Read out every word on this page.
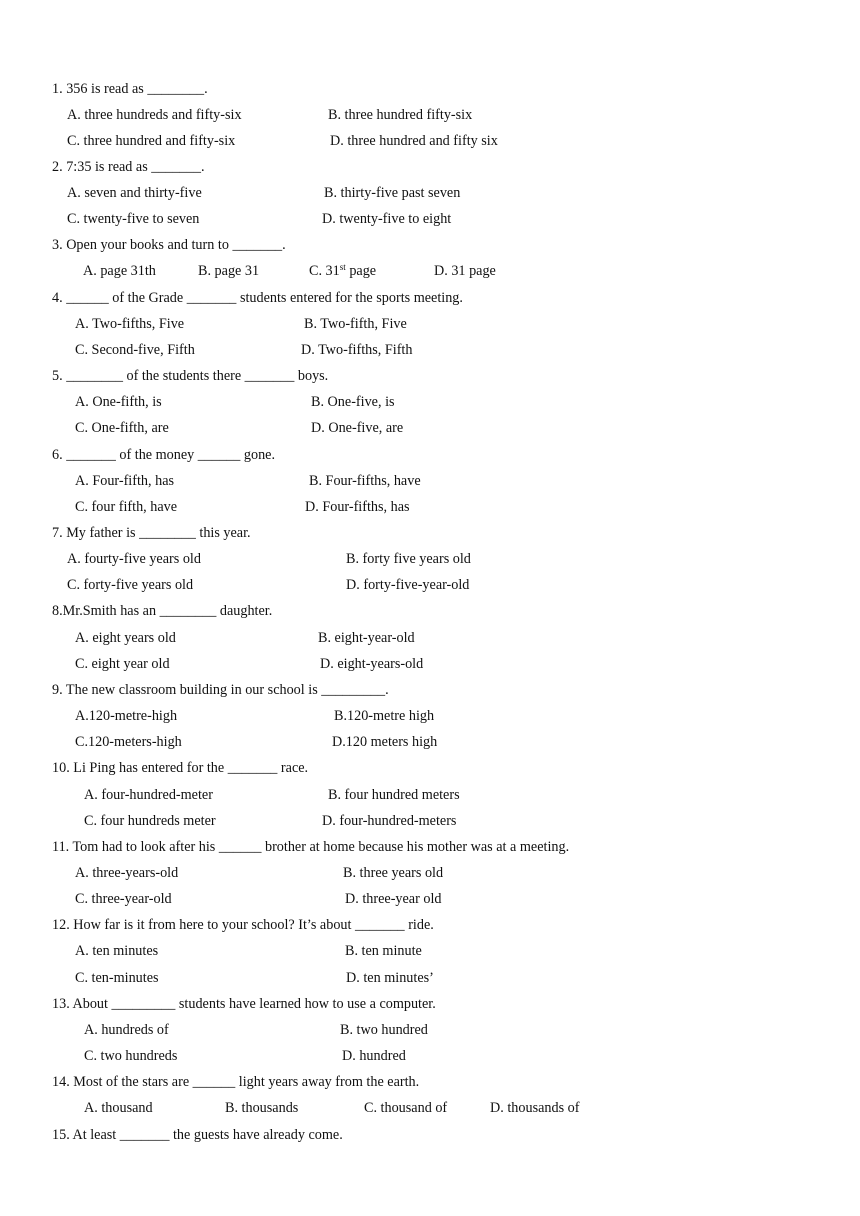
1. 356 is read as ________.
A. three hundreds and fifty-six	B. three hundred fifty-six
C. three hundred and fifty-six	D. three hundred and fifty six
2. 7:35 is read as _______.
A. seven and thirty-five	B. thirty-five past seven
C. twenty-five to seven	D. twenty-five to eight
3. Open your books and turn to _______.
A. page 31th	B. page 31	C. 31st page	D. 31 page
4. ______ of the Grade _______ students entered for the sports meeting.
A. Two-fifths, Five	B. Two-fifth, Five
C. Second-five, Fifth	D. Two-fifths, Fifth
5. ________ of the students there _______ boys.
A. One-fifth, is	B. One-five, is
C. One-fifth, are	D. One-five, are
6. _______ of the money ______ gone.
A. Four-fifth, has	B. Four-fifths, have
C. four fifth, have	D. Four-fifths, has
7. My father is ________ this year.
A. fourty-five years old	B. forty five years old
C. forty-five years old	D. forty-five-year-old
8.Mr.Smith has an ________ daughter.
A. eight years old	B. eight-year-old
C. eight year old	D. eight-years-old
9. The new classroom building in our school is _________.
A.120-metre-high	B.120-metre high
C.120-meters-high	D.120 meters high
10. Li Ping has entered for the _______ race.
A. four-hundred-meter	B. four hundred meters
C. four hundreds meter	D. four-hundred-meters
11. Tom had to look after his ______ brother at home because his mother was at a meeting.
A. three-years-old	B. three years old
C. three-year-old	D. three-year old
12. How far is it from here to your school? It’s about _______ ride.
A. ten minutes	B. ten minute
C. ten-minutes	D. ten minutes’
13. About _________ students have learned how to use a computer.
A. hundreds of	B. two hundred
C. two hundreds	D. hundred
14. Most of the stars are ______ light years away from the earth.
A. thousand	B. thousands	C. thousand of	D. thousands of
15. At least _______ the guests have already come.
